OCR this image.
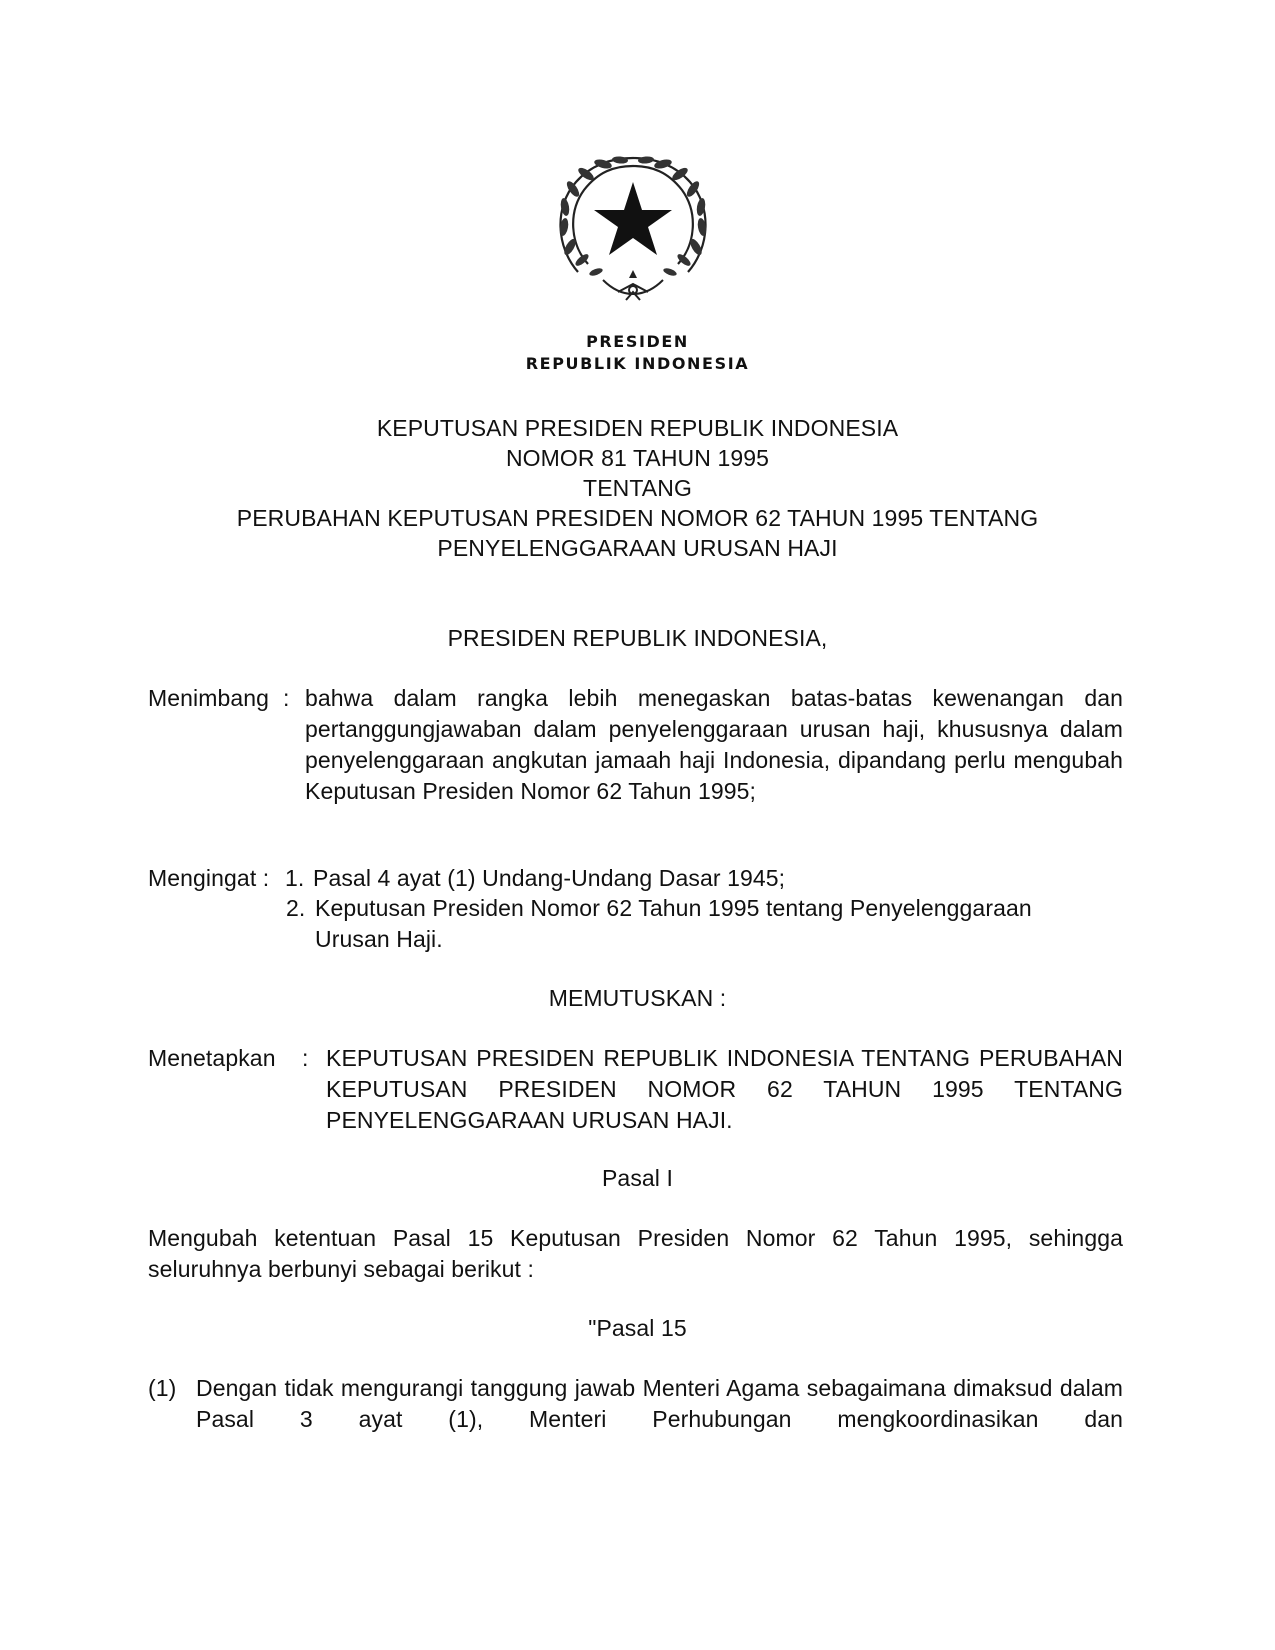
PRESIDEN
REPUBLIK INDONESIA
KEPUTUSAN PRESIDEN REPUBLIK INDONESIA
NOMOR 81 TAHUN 1995
TENTANG
PERUBAHAN KEPUTUSAN PRESIDEN NOMOR 62 TAHUN 1995 TENTANG
PENYELENGGARAAN URUSAN HAJI
PRESIDEN REPUBLIK INDONESIA,
Menimbang : bahwa dalam rangka lebih menegaskan batas-batas kewenangan dan pertanggungjawaban dalam penyelenggaraan urusan haji, khususnya dalam penyelenggaraan angkutan jamaah haji Indonesia, dipandang perlu mengubah Keputusan Presiden Nomor 62 Tahun 1995;
Mengingat : 1. Pasal 4 ayat (1) Undang-Undang Dasar 1945;
2. Keputusan Presiden Nomor 62 Tahun 1995 tentang Penyelenggaraan Urusan Haji.
MEMUTUSKAN :
Menetapkan : KEPUTUSAN PRESIDEN REPUBLIK INDONESIA TENTANG PERUBAHAN KEPUTUSAN PRESIDEN NOMOR 62 TAHUN 1995 TENTANG PENYELENGGARAAN URUSAN HAJI.
Pasal I
Mengubah ketentuan Pasal 15 Keputusan Presiden Nomor 62 Tahun 1995, sehingga seluruhnya berbunyi sebagai berikut :
"Pasal 15
(1) Dengan tidak mengurangi tanggung jawab Menteri Agama sebagaimana dimaksud dalam Pasal 3 ayat (1), Menteri Perhubungan mengkoordinasikan dan
